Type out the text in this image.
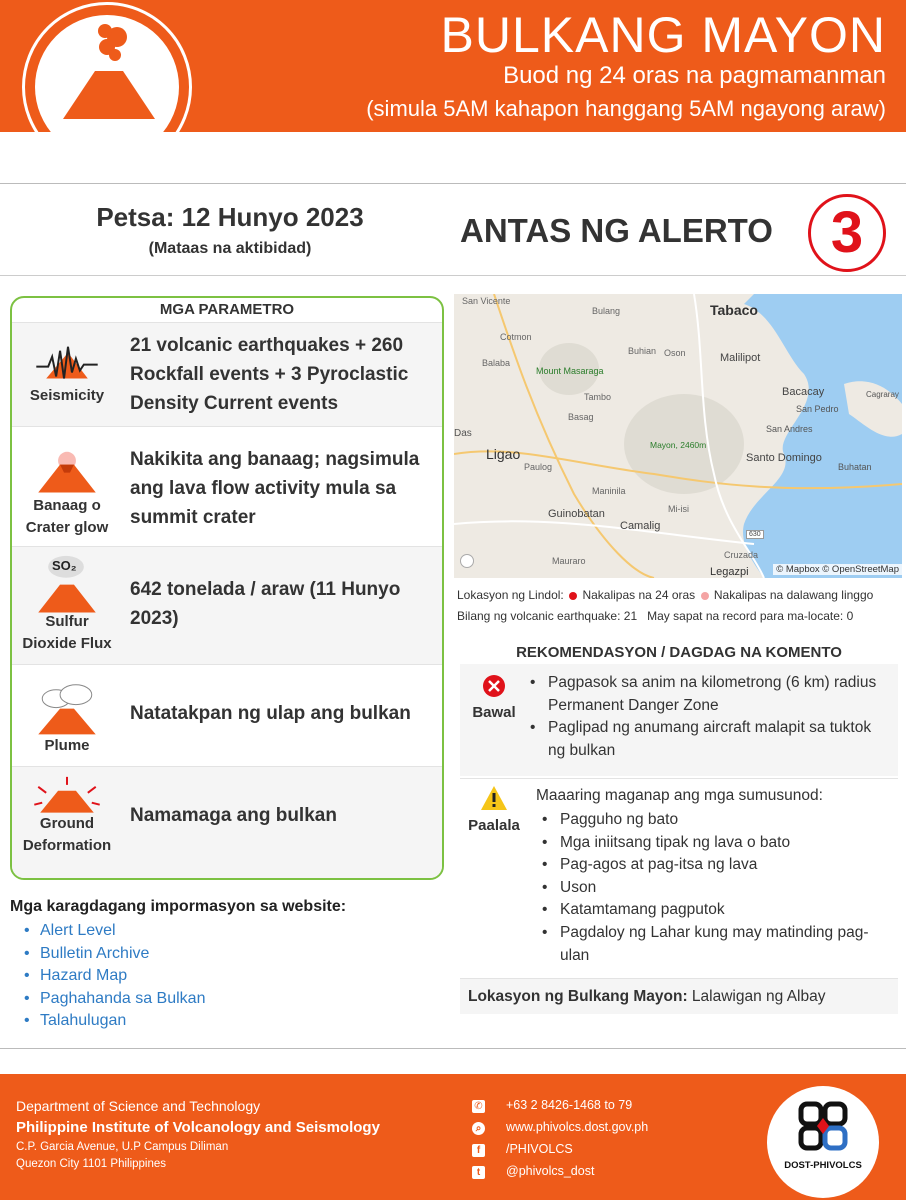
BULKANG MAYON
Buod ng 24 oras na pagmamanman
(simula 5AM kahapon hanggang 5AM ngayong araw)
Petsa: 12 Hunyo 2023
(Mataas na aktibidad)	ANTAS NG ALERTO 3
MGA PARAMETRO
Seismicity
21 volcanic earthquakes + 260 Rockfall events + 3 Pyroclastic Density Current events
Banaag o
Crater glow
Nakikita ang banaag; nagsimula ang lava flow activity mula sa summit crater
SO₂
Sulfur
Dioxide Flux
642 tonelada / araw (11 Hunyo 2023)
Plume
Natatakpan ng ulap ang bulkan
Ground
Deformation
Namamaga ang bulkan
Mga karagdagang impormasyon sa website:
• Alert Level
• Bulletin Archive
• Hazard Map
• Paghahanda sa Bulkan
• Talahulugan
San Vicente
Bulang	Tabaco
Cotmon
Buhian Oson	Malilipot
Balaba
Mount Masaraga
Tambo	Bacacay
San Pedro
Cagraray
Basag
San Andres
Mayon, 2460m
Das
Ligao
Paulog
Santo Domingo
Buhatan
Maninila
Mi-isi
Guinobatan
Camalig
630
Cruzada
Mauraro
Legazpi	© Mapbox © OpenStreetMap
Lokasyon ng Lindol: Nakalipas na 24 oras Nakalipas na dalawang linggo
Bilang ng volcanic earthquake: 21 May sapat na record para ma-locate: 0
REKOMENDASYON / DAGDAG NA KOMENTO
Bawal
• Pagpasok sa anim na kilometrong (6 km) radius Permanent Danger Zone
• Paglipad ng anumang aircraft malapit sa tuktok ng bulkan
Paalala
Maaaring maganap ang mga sumusunod:
• Pagguho ng bato
• Mga iniitsang tipak ng lava o bato
• Pag-agos at pag-itsa ng lava
• Uson
• Katamtamang pagputok
• Pagdaloy ng Lahar kung may matinding pag-ulan
Lokasyon ng Bulkang Mayon: Lalawigan ng Albay
Department of Science and Technology
Philippine Institute of Volcanology and Seismology
C.P. Garcia Avenue, U.P Campus Diliman
Quezon City 1101 Philippines
✆ +63 2 8426-1468 to 79
⌕ www.phivolcs.dost.gov.ph
f	/PHIVOLCS
t	@phivolcs_dost	DOST-PHIVOLCS
